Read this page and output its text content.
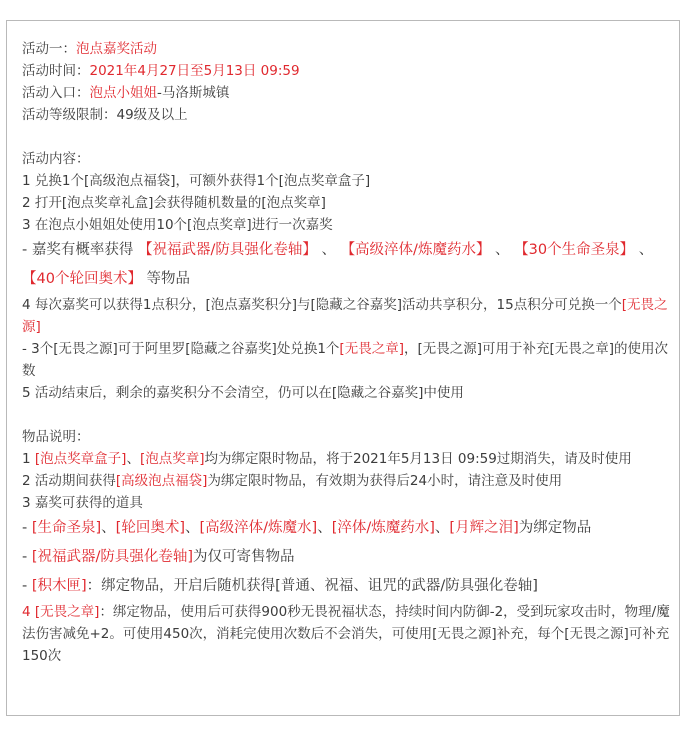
活动一：泡点嘉奖活动
活动时间：2021年4月27日至5月13日 09:59
活动入口：泡点小姐姐-马洛斯城镇
活动等级限制：49级及以上
活动内容：
1 兑换1个[高级泡点福袋]，可额外获得1个[泡点奖章盒子]
2 打开[泡点奖章礼盒]会获得随机数量的[泡点奖章]
3 在泡点小姐姐处使用10个[泡点奖章]进行一次嘉奖
- 嘉奖有概率获得 【祝福武器/防具强化卷轴】 、 【高级淬体/炼魔药水】 、 【30个生命圣泉】 、 【40个轮回奥术】 等物品
4 每次嘉奖可以获得1点积分，[泡点嘉奖积分]与[隐藏之谷嘉奖]活动共享积分，15点积分可兑换一个[无畏之源]
- 3个[无畏之源]可于阿里罗[隐藏之谷嘉奖]处兑换1个[无畏之章]，[无畏之源]可用于补充[无畏之章]的使用次数
5 活动结束后，剩余的嘉奖积分不会清空，仍可以在[隐藏之谷嘉奖]中使用
物品说明：
1 [泡点奖章盒子]、[泡点奖章]均为绑定限时物品，将于2021年5月13日 09:59过期消失，请及时使用
2 活动期间获得[高级泡点福袋]为绑定限时物品，有效期为获得后24小时，请注意及时使用
3 嘉奖可获得的道具
- [生命圣泉]、[轮回奥术]、[高级淬体/炼魔水]、[淬体/炼魔药水]、[月辉之泪]为绑定物品
- [祝福武器/防具强化卷轴]为仅可寄售物品
- [积木匣]：绑定物品，开启后随机获得[普通、祝福、诅咒的武器/防具强化卷轴]
4 [无畏之章]：绑定物品，使用后可获得900秒无畏祝福状态，持续时间内防御-2，受到玩家攻击时，物理/魔法伤害减免+2。可使用450次，消耗完使用次数后不会消失，可使用[无畏之源]补充，每个[无畏之源]可补充150次
